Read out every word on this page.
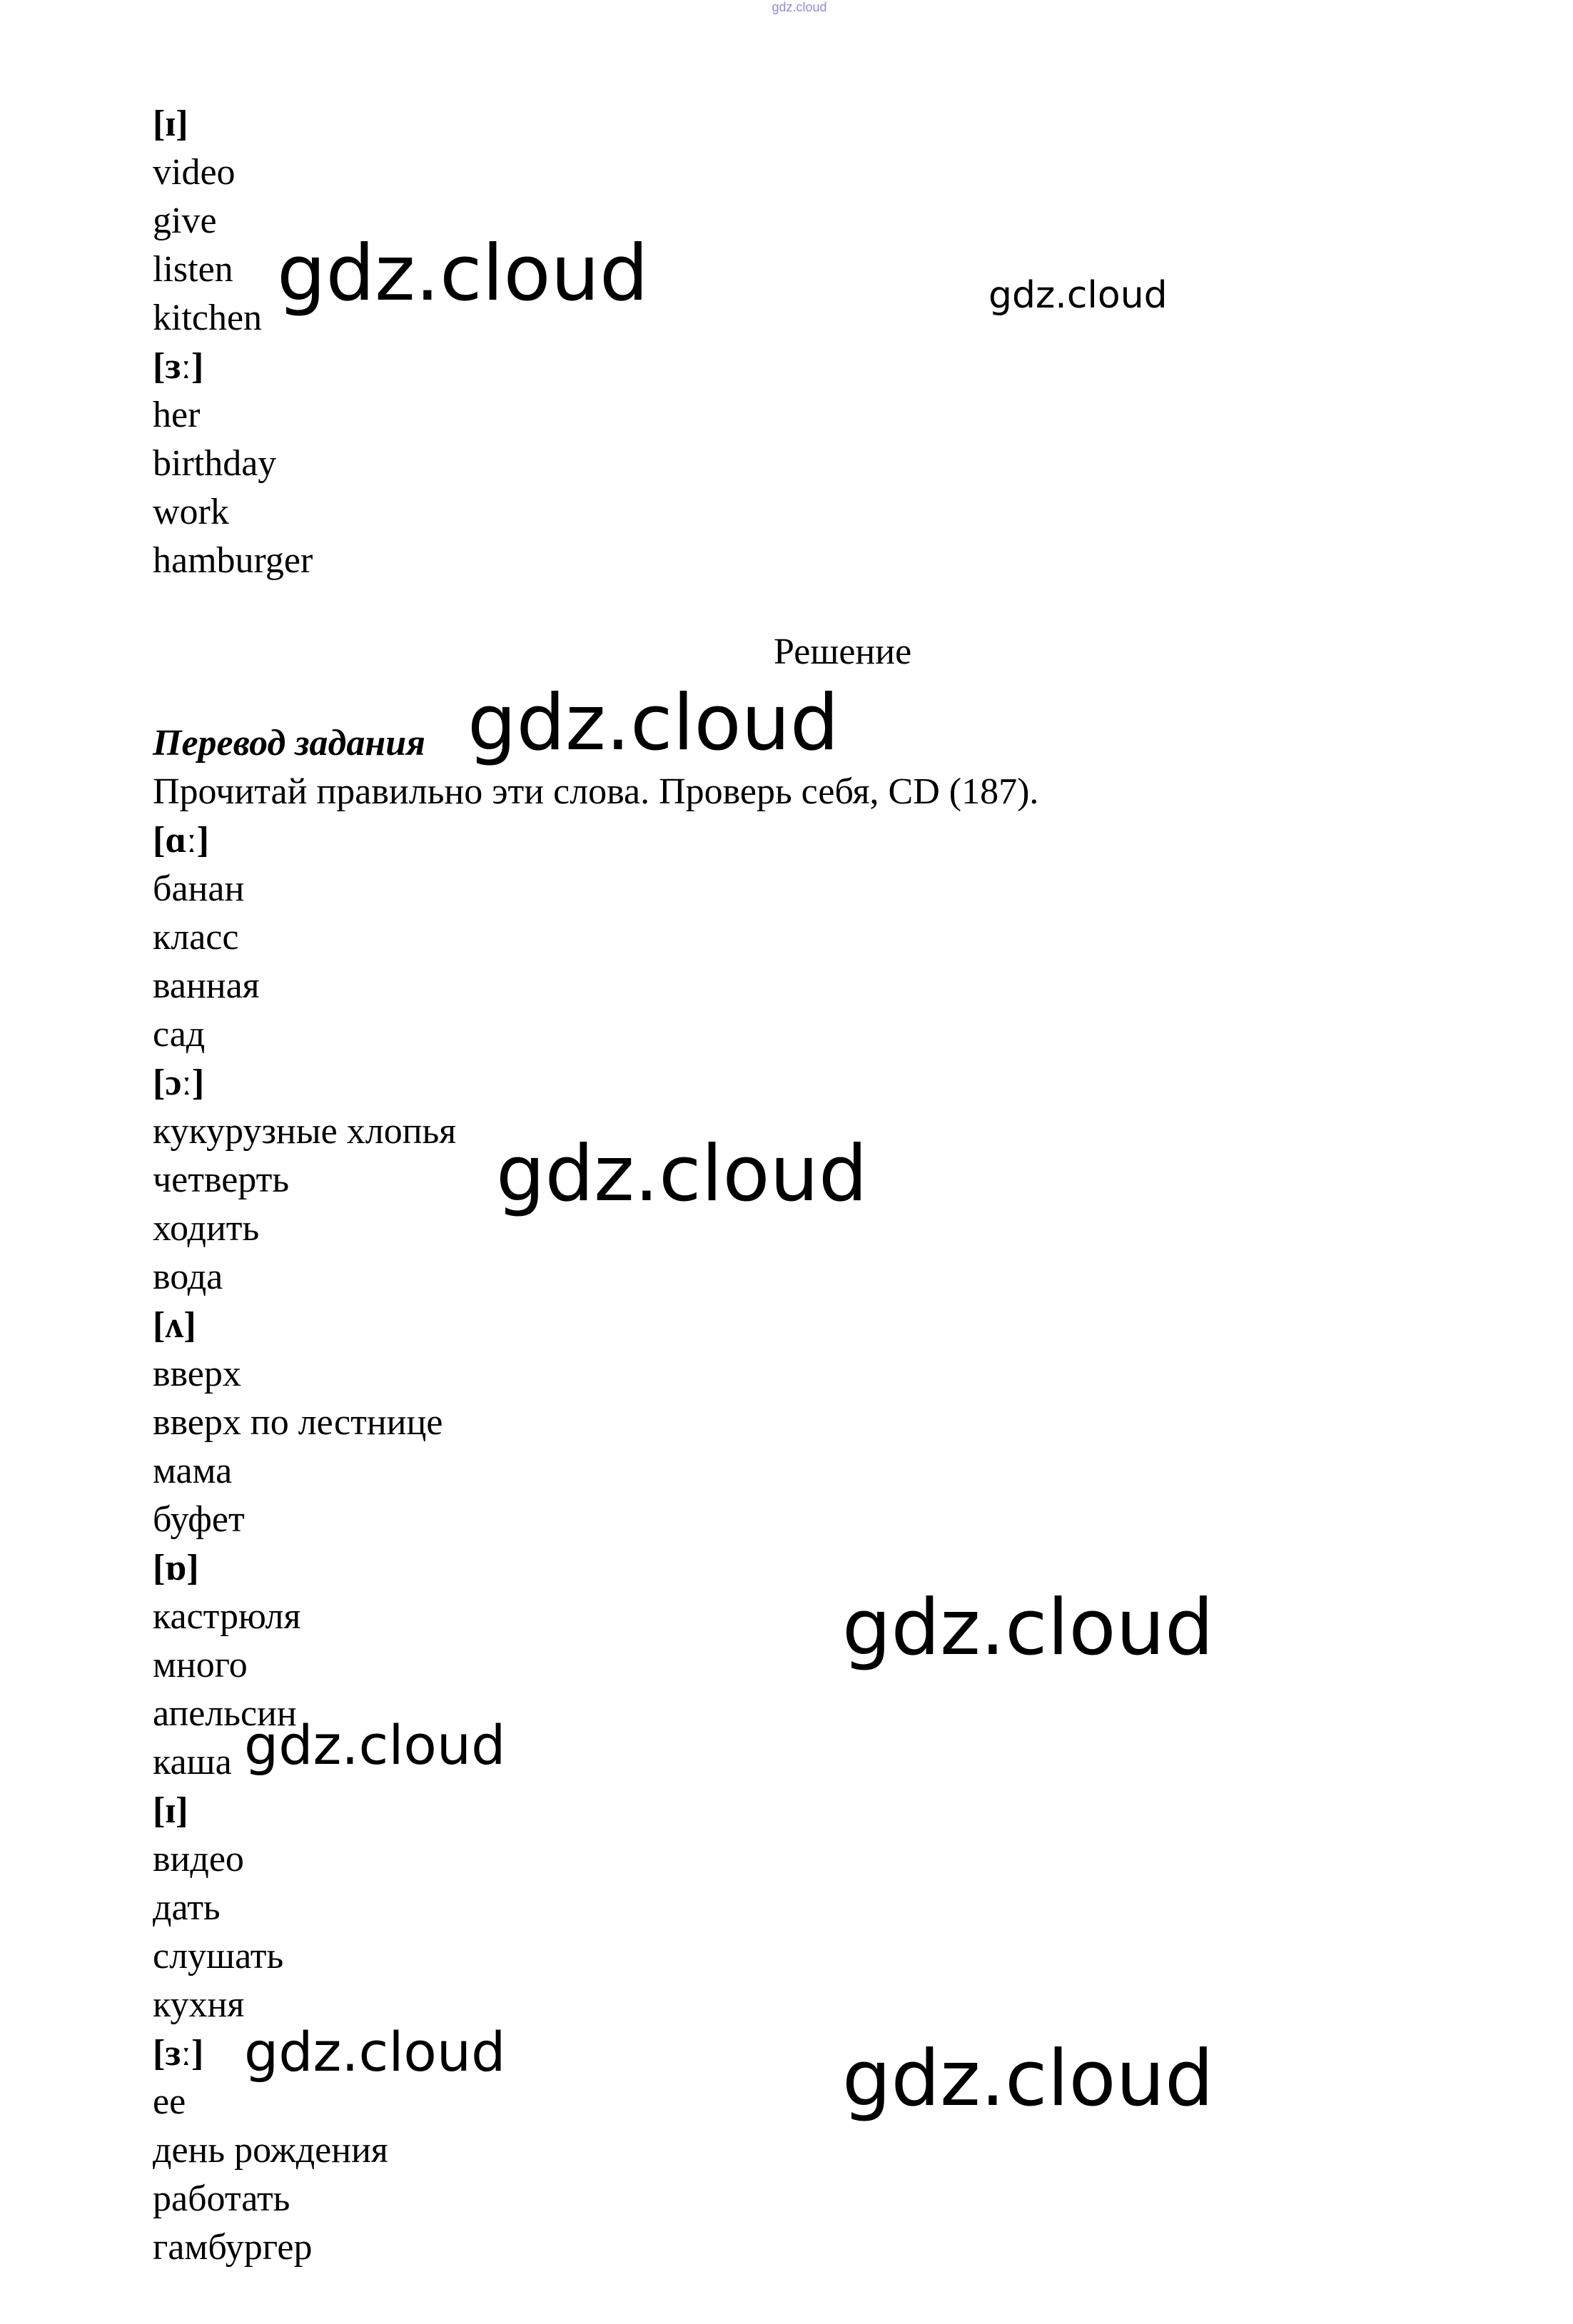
gdz.cloud
[ɪ]
video
give
listen
kitchen
[ɜː]
her
birthday
work
hamburger
Решение
Перевод задания
Прочитай правильно эти слова. Проверь себя, CD (187).
[ɑː]
банан
класс
ванная
сад
[ɔː]
кукурузные хлопья
четверть
ходить
вода
[ʌ]
вверх
вверх по лестнице
мама
буфет
[ɒ]
кастрюля
много
апельсин
каша
[ɪ]
видео
дать
слушать
кухня
[ɜː]
ее
день рождения
работать
гамбургер
gdz.cloud	gdz.cloud
gdz.cloud
gdz.cloud
gdz.cloud
gdz.cloud
gdz.cloud	gdz.cloud
